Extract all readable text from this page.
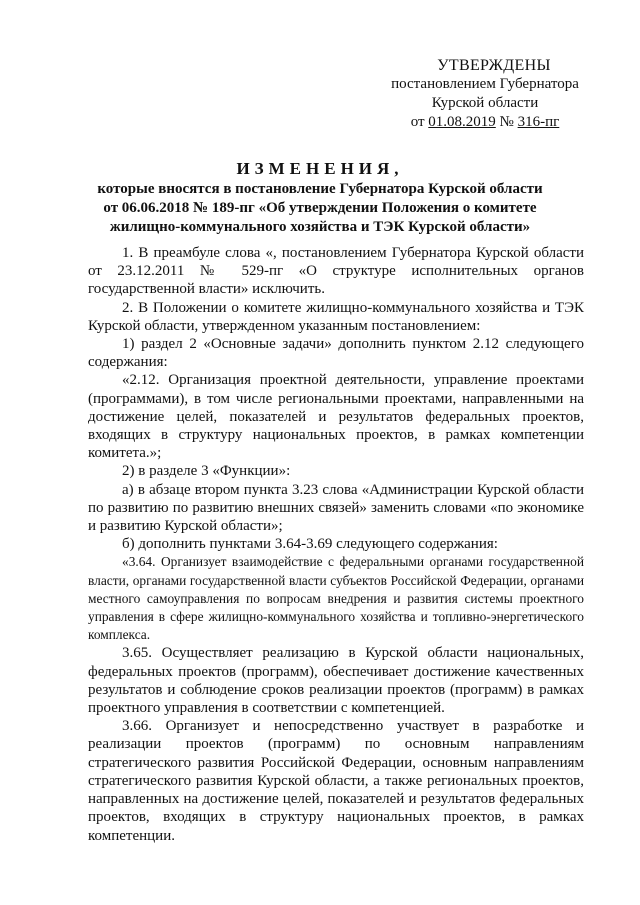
УТВЕРЖДЕНЫ
постановлением Губернатора
Курской области
от 01.08.2019 № 316-пг
ИЗМЕНЕНИЯ,
которые вносятся в постановление Губернатора Курской области
от 06.06.2018 № 189-пг «Об утверждении Положения о комитете
жилищно-коммунального хозяйства и ТЭК Курской области»

1. В преамбуле слова «, постановлением Губернатора Курской области от 23.12.2011 № 529-пг «О структуре исполнительных органов государственной власти» исключить.

2. В Положении о комитете жилищно-коммунального хозяйства и ТЭК Курской области, утвержденном указанным постановлением:

1) раздел 2 «Основные задачи» дополнить пунктом 2.12 следующего содержания:

«2.12. Организация проектной деятельности, управление проектами (программами), в том числе региональными проектами, направленными на достижение целей, показателей и результатов федеральных проектов, входящих в структуру национальных проектов, в рамках компетенции комитета.»;

2) в разделе 3 «Функции»:

а) в абзаце втором пункта 3.23 слова «Администрации Курской области по развитию по развитию внешних связей» заменить словами «по экономике и развитию Курской области»;

б) дополнить пунктами 3.64-3.69 следующего содержания:

«3.64. Организует взаимодействие с федеральными органами государственной власти, органами государственной власти субъектов Российской Федерации, органами местного самоуправления по вопросам внедрения и развития системы проектного управления в сфере жилищно-коммунального хозяйства и топливно-энергетического комплекса.

3.65. Осуществляет реализацию в Курской области национальных, федеральных проектов (программ), обеспечивает достижение качественных результатов и соблюдение сроков реализации проектов (программ) в рамках проектного управления в соответствии с компетенцией.

3.66. Организует и непосредственно участвует в разработке и реализации проектов (программ) по основным направлениям стратегического развития Российской Федерации, основным направлениям стратегического развития Курской области, а также региональных проектов, направленных на достижение целей, показателей и результатов федеральных проектов, входящих в структуру национальных проектов, в рамках компетенции.
